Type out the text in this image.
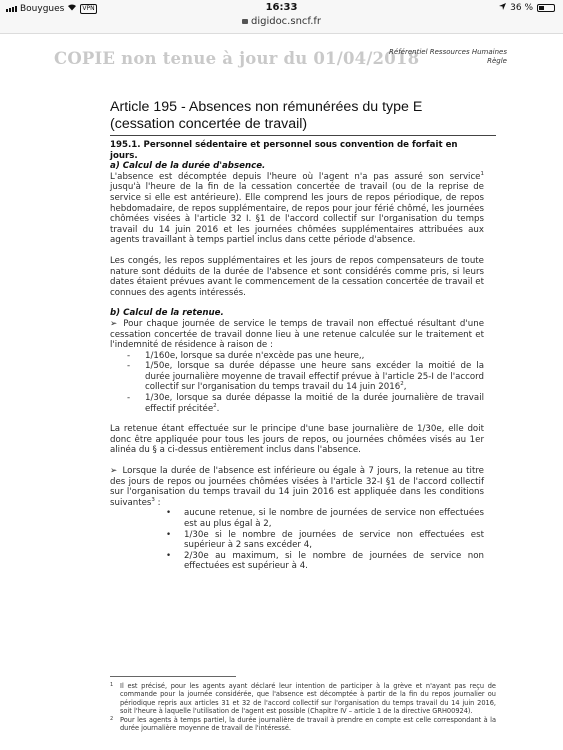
Bouygues	VPN	16:33	36 %
digidoc.sncf.fr
COPIE non tenue à jour du 01/04/2018
Référentiel Ressources Humaines
Règle
Article 195 - Absences non rémunérées du type E (cessation concertée de travail)
195.1. Personnel sédentaire et personnel sous convention de forfait en jours.
a) Calcul de la durée d'absence.

L'absence est décomptée depuis l'heure où l'agent n'a pas assuré son service$^1$ jusqu'à l'heure de la fin de la cessation concertée de travail (ou de la reprise de service si elle est antérieure). Elle comprend les jours de repos périodique, de repos hebdomadaire, de repos supplémentaire, de repos pour jour férié chômé, les journées chômées visées à l'article 32 I. §1 de l'accord collectif sur l'organisation du temps travail du 14 juin 2016 et les journées chômées supplémentaires attribuées aux agents travaillant à temps partiel inclus dans cette période d'absence.

Les congés, les repos supplémentaires et les jours de repos compensateurs de toute nature sont déduits de la durée de l'absence et sont considérés comme pris, si leurs dates étaient prévues avant le commencement de la cessation concertée de travail et connues des agents intéressés.

b) Calcul de la retenue.

➢ Pour chaque journée de service le temps de travail non effectué résultant d'une cessation concertée de travail donne lieu à une retenue calculée sur le traitement et l'indemnité de résidence à raison de :

- 1/160e, lorsque sa durée n'excède pas une heure,,
- 1/50e, lorsque sa durée dépasse une heure sans excéder la moitié de la durée journalière moyenne de travail effectif prévue à l'article 25-I de l'accord collectif sur l'organisation du temps travail du 14 juin 2016$^2$,
- 1/30e, lorsque sa durée dépasse la moitié de la durée journalière de travail effectif précitée$^2$.

La retenue étant effectuée sur le principe d'une base journalière de 1/30e, elle doit donc être appliquée pour tous les jours de repos, ou journées chômées visés au 1er alinéa du § a ci-dessus entièrement inclus dans l'absence.

➢ Lorsque la durée de l'absence est inférieure ou égale à 7 jours, la retenue au titre des jours de repos ou journées chômées visées à l'article 32-I §1 de l'accord collectif sur l'organisation du temps travail du 14 juin 2016 est appliquée dans les conditions suivantes$^3$ :

• aucune retenue, si le nombre de journées de service non effectuées est au plus égal à 2,
• 1/30e si le nombre de journées de service non effectuées est supérieur à 2 sans excéder 4,
• 2/30e au maximum, si le nombre de journées de service non effectuées est supérieur à 4.
1 Il est précisé, pour les agents ayant déclaré leur intention de participer à la grève et n'ayant pas reçu de commande pour la journée considérée, que l'absence est décomptée à partir de la fin du repos journalier ou périodique repris aux articles 31 et 32 de l'accord collectif sur l'organisation du temps travail du 14 juin 2016, soit l'heure à laquelle l'utilisation de l'agent est possible (Chapitre IV – article 1 de la directive GRH00924).
2 Pour les agents à temps partiel, la durée journalière de travail à prendre en compte est celle correspondant à la durée journalière moyenne de travail de l'intéressé.
